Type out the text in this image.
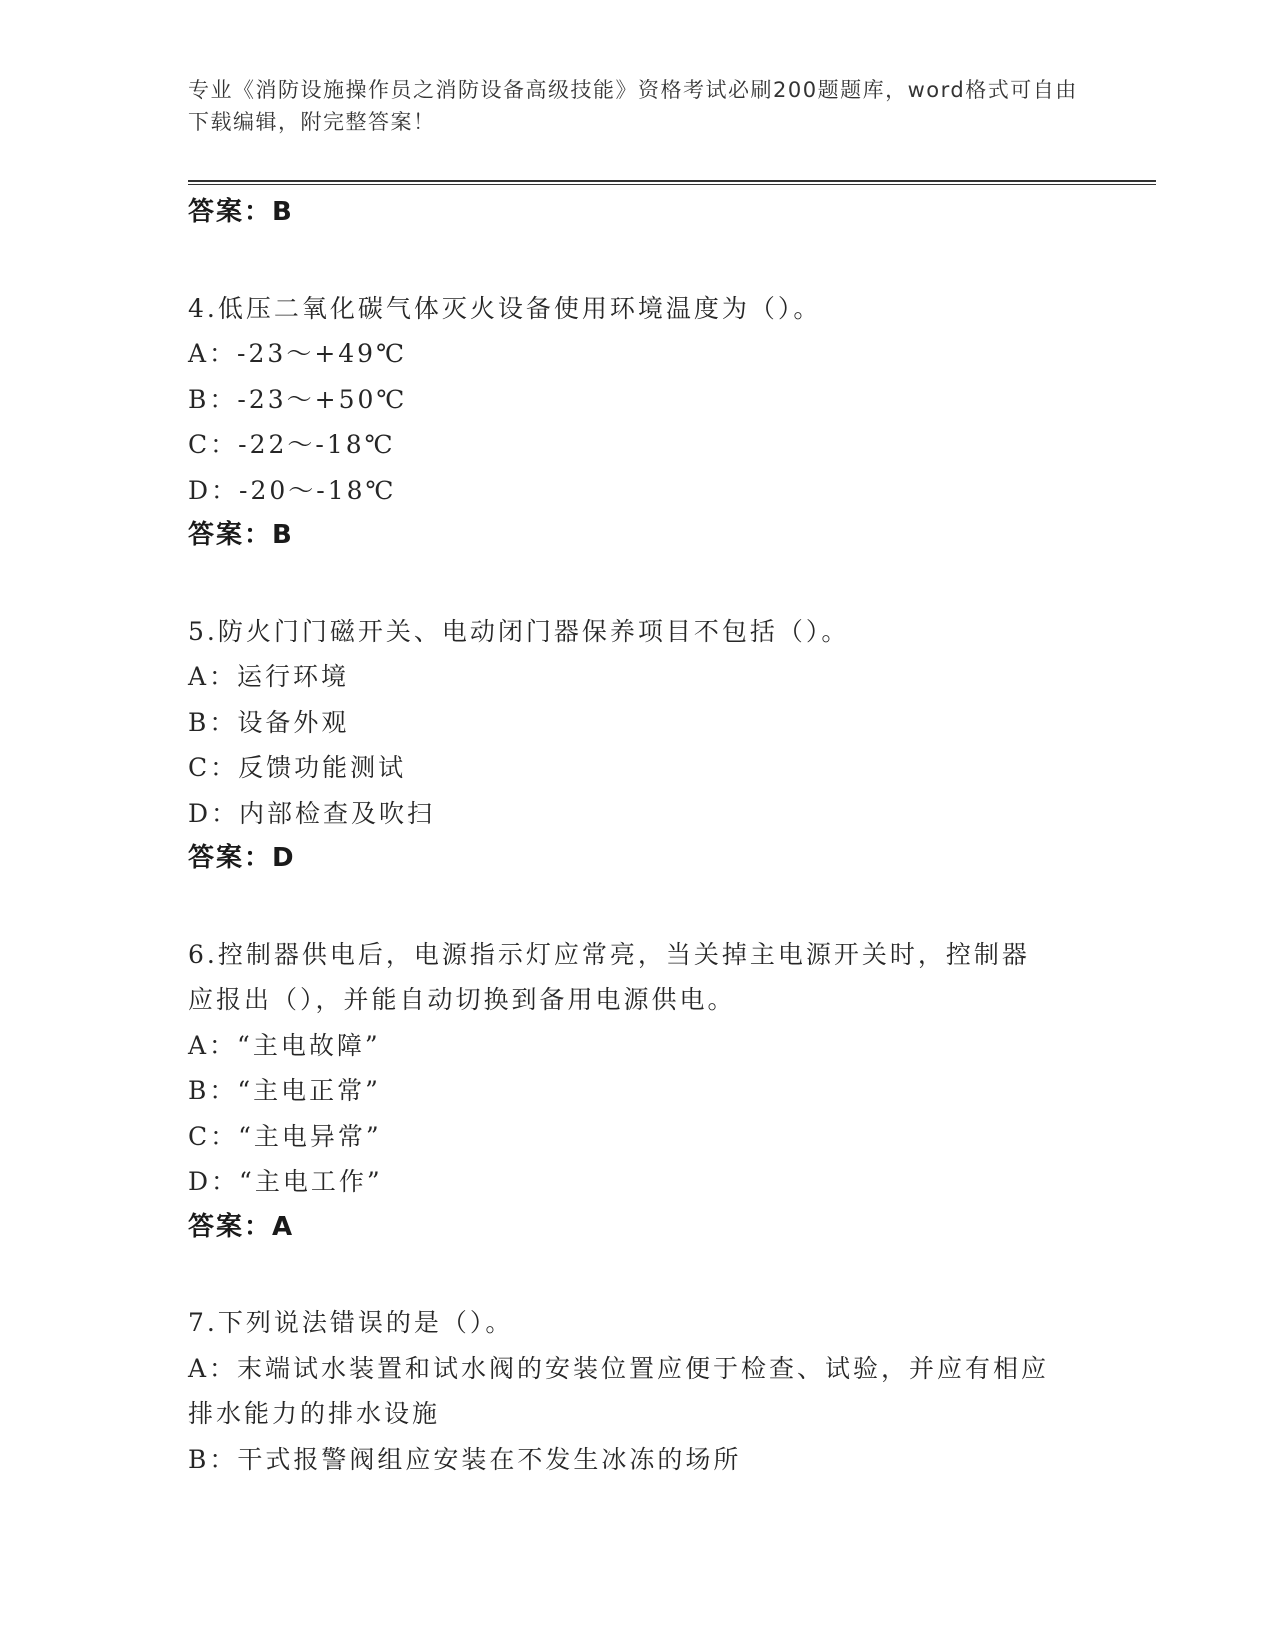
专业《消防设施操作员之消防设备高级技能》资格考试必刷200题题库，word格式可自由下载编辑，附完整答案！

答案：B

4.低压二氧化碳气体灭火设备使用环境温度为（）。

A：-23～+49℃

B：-23～+50℃

C：-22～-18℃

D：-20～-18℃

答案：B

5.防火门门磁开关、电动闭门器保养项目不包括（）。

A：运行环境

B：设备外观

C：反馈功能测试

D：内部检查及吹扫

答案：D

6.控制器供电后，电源指示灯应常亮，当关掉主电源开关时，控制器

应报出（），并能自动切换到备用电源供电。

A：“主电故障”

B：“主电正常”

C：“主电异常”

D：“主电工作”

答案：A

7.下列说法错误的是（）。

A：末端试水装置和试水阀的安装位置应便于检查、试验，并应有相应

排水能力的排水设施

B：干式报警阀组应安装在不发生冰冻的场所
